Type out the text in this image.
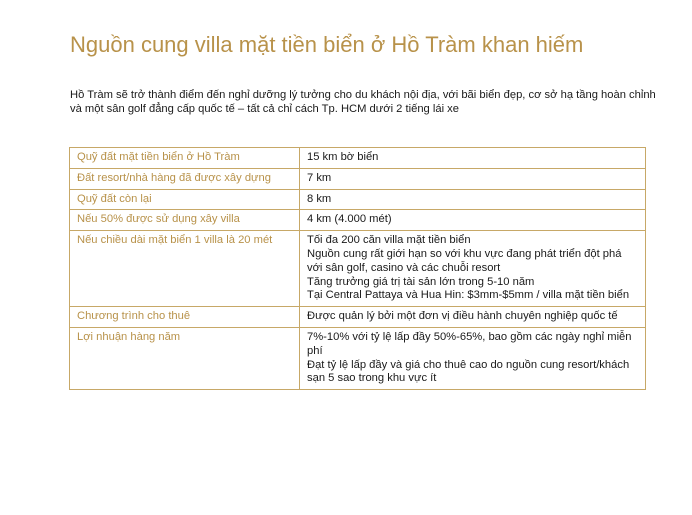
Nguồn cung villa mặt tiền biển ở Hồ Tràm khan hiếm
Hồ Tràm sẽ trở thành điểm đến nghỉ dưỡng lý tưởng cho du khách nội địa, với bãi biển đẹp, cơ sở hạ tầng hoàn chỉnh và một sân golf đẳng cấp quốc tế – tất cả chỉ cách Tp. HCM dưới 2 tiếng lái xe
Quỹ đất mặt tiền biển ở Hồ Tràm	15 km bờ biển

Đất resort/nhà hàng đã được xây dựng	7 km

Quỹ đất còn lại	8 km

Nếu 50% được sử dụng xây villa	4 km (4.000 mét)

Nếu chiều dài mặt biển 1 villa là 20 mét	Tối đa 200 căn villa mặt tiền biển
Nguồn cung rất giới hạn so với khu vực đang phát triển đột phá với sân golf, casino và các chuỗi resort
Tăng trưởng giá trị tài sản lớn trong 5-10 năm
Tại Central Pattaya và Hua Hin: $3mm-$5mm / villa mặt tiền biển

Chương trình cho thuê	Được quản lý bởi một đơn vị điều hành chuyên nghiệp quốc tế

Lợi nhuận hàng năm	7%-10% với tỷ lệ lấp đầy 50%-65%, bao gồm các ngày nghỉ miễn phí
Đạt tỷ lệ lấp đầy và giá cho thuê cao do nguồn cung resort/khách sạn 5 sao trong khu vực ít
